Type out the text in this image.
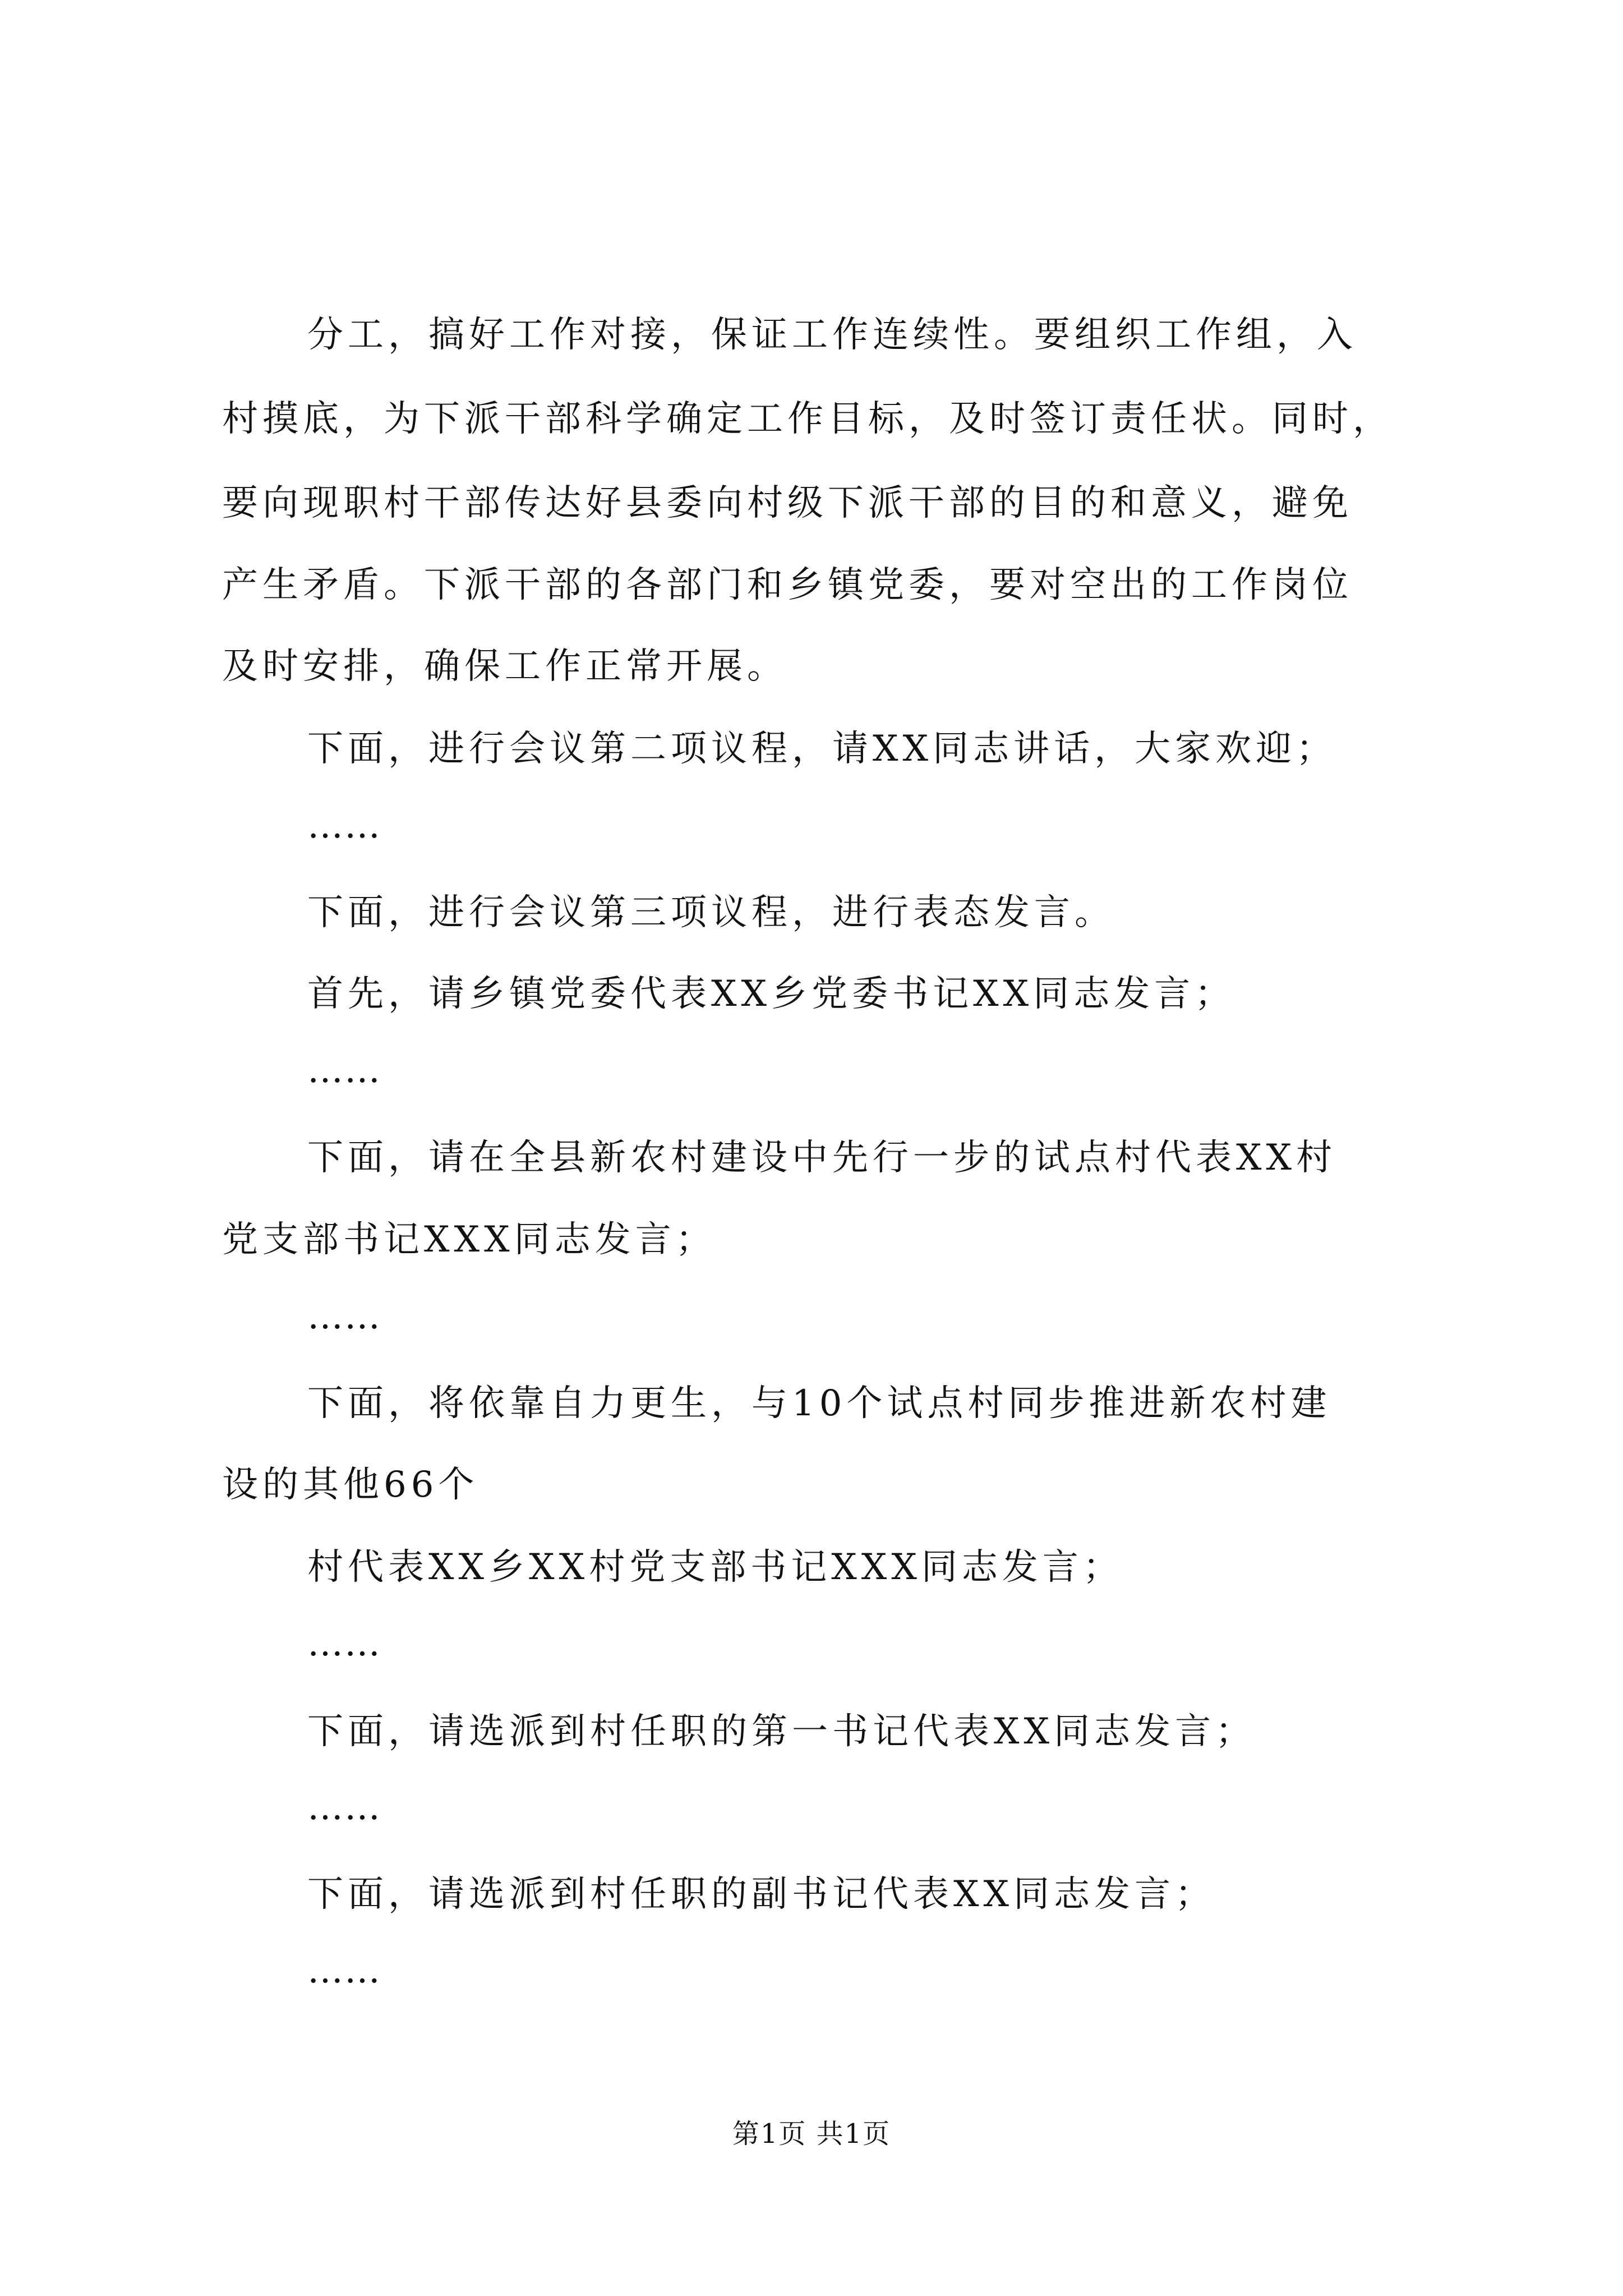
分工，搞好工作对接，保证工作连续性。要组织工作组，入
村摸底，为下派干部科学确定工作目标，及时签订责任状。同时，
要向现职村干部传达好县委向村级下派干部的目的和意义，避免
产生矛盾。下派干部的各部门和乡镇党委，要对空出的工作岗位
及时安排，确保工作正常开展。
下面，进行会议第二项议程，请XX同志讲话，大家欢迎；
……
下面，进行会议第三项议程，进行表态发言。
首先，请乡镇党委代表XX乡党委书记XX同志发言；
……
下面，请在全县新农村建设中先行一步的试点村代表XX村
党支部书记XXX同志发言；
……
下面，将依靠自力更生，与10个试点村同步推进新农村建
设的其他66个
村代表XX乡XX村党支部书记XXX同志发言；
……
下面，请选派到村任职的第一书记代表XX同志发言；
……
下面，请选派到村任职的副书记代表XX同志发言；
……
第1页 共1页
